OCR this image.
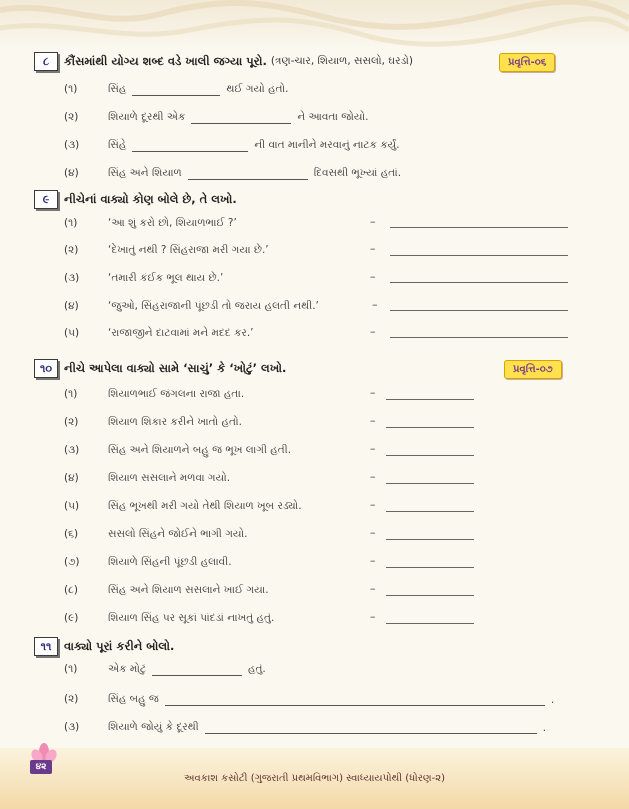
૮	કૌંસમાંથી યોગ્ય શબ્દ વડે ખાલી જગ્યા પૂરો. (ત્રણ-ચાર, શિયાળ, સસલો, ઘરડો)	પ્રવૃત્તિ-૦૬
(૧)	સિંહ	થઈ ગયો હતો.
(૨)	શિયાળે દૂરથી એક	ને આવતા જોયો.
(૩)	સિંહે	ની વાત માનીને મરવાનું નાટક કર્યું.
(૪)	સિંહ અને શિયાળ	દિવસથી ભૂખ્યાં હતાં.
૯	નીચેનાં વાક્યો કોણ બોલે છે, તે લખો.
(૧)	‘આ શું કરો છો, શિયાળભાઈ ?’	–
(૨)	‘દેખાતું નથી ? સિંહરાજા મરી ગયા છે.’	–
(૩)	‘તમારી કંઈક ભૂલ થાય છે.’	–
(૪)	‘જુઓ, સિંહરાજાની પૂંછડી તો જરાય હલતી નથી.’	–
(૫)	‘રાજાજીને દાટવામાં મને મદદ કર.’	–
૧૦	નીચે આપેલા વાક્યો સામે ‘સાચું’ કે ‘ખોટું’ લખો.	પ્રવૃત્તિ-૦૭
(૧)	શિયાળભાઈ જંગલના રાજા હતા.	–
(૨)	શિયાળ શિકાર કરીને ખાતો હતો.	–
(૩)	સિંહ અને શિયાળને બહુ જ ભૂખ લાગી હતી.	–
(૪)	શિયાળ સસલાને મળવા ગયો.	–
(૫)	સિંહ ભૂખથી મરી ગયો તેથી શિયાળ ખૂબ રડ્યો.	–
(૬)	સસલો સિંહને જોઈને ભાગી ગયો.	–
(૭)	શિયાળે સિંહની પૂંછડી હલાવી.	–
(૮)	સિંહ અને શિયાળ સસલાને ખાઈ ગયા.	–
(૯)	શિયાળ સિંહ પર સૂકાં પાંદડાં નાખતું હતું.	–
૧૧	વાક્યો પૂરાં કરીને બોલો.
(૧)	એક મોટું	હતું.
(૨)	સિંહ બહુ જ	.
(૩)	શિયાળે જોયું કે દૂરથી	.
૪૨
અવકાશ કસોટી (ગુજરાતી પ્રથમવિભાગ) સ્વાધ્યાયપોથી (ધોરણ-૨)
